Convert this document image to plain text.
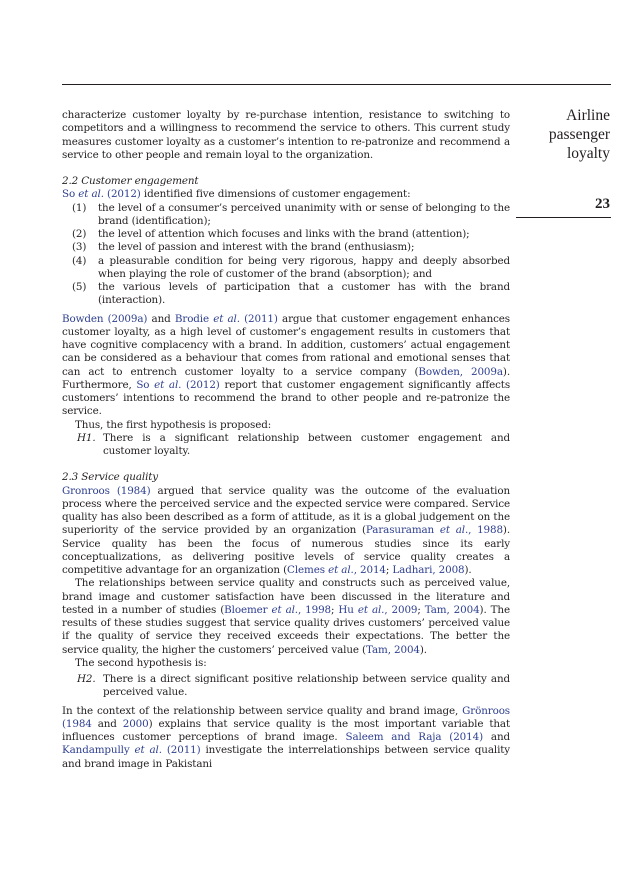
Airline
passenger
loyalty
23

characterize customer loyalty by re-purchase intention, resistance to switching to competitors and a willingness to recommend the service to others. This current study measures customer loyalty as a customer’s intention to re-patronize and recommend a service to other people and remain loyal to the organization.

2.2 Customer engagement

So et al. (2012) identified five dimensions of customer engagement:

(1)	the level of a consumer’s perceived unanimity with or sense of belonging to the brand (identification);
(2)	the level of attention which focuses and links with the brand (attention);
(3)	the level of passion and interest with the brand (enthusiasm);
(4)	a pleasurable condition for being very rigorous, happy and deeply absorbed when playing the role of customer of the brand (absorption); and
(5)	the various levels of participation that a customer has with the brand (interaction).

Bowden (2009a) and Brodie et al. (2011) argue that customer engagement enhances customer loyalty, as a high level of customer’s engagement results in customers that have cognitive complacency with a brand. In addition, customers’ actual engagement can be considered as a behaviour that comes from rational and emotional senses that can act to entrench customer loyalty to a service company (Bowden, 2009a). Furthermore, So et al. (2012) report that customer engagement significantly affects customers’ intentions to recommend the brand to other people and re-patronize the service.

Thus, the first hypothesis is proposed:

H1. There is a significant relationship between customer engagement and customer loyalty.

2.3 Service quality

Gronroos (1984) argued that service quality was the outcome of the evaluation process where the perceived service and the expected service were compared. Service quality has also been described as a form of attitude, as it is a global judgement on the superiority of the service provided by an organization (Parasuraman et al., 1988). Service quality has been the focus of numerous studies since its early conceptualizations, as delivering positive levels of service quality creates a competitive advantage for an organization (Clemes et al., 2014; Ladhari, 2008).

The relationships between service quality and constructs such as perceived value, brand image and customer satisfaction have been discussed in the literature and tested in a number of studies (Bloemer et al., 1998; Hu et al., 2009; Tam, 2004). The results of these studies suggest that service quality drives customers’ perceived value if the quality of service they received exceeds their expectations. The better the service quality, the higher the customers’ perceived value (Tam, 2004).

The second hypothesis is:

H2. There is a direct significant positive relationship between service quality and perceived value.

In the context of the relationship between service quality and brand image, Grönroos (1984 and 2000) explains that service quality is the most important variable that influences customer perceptions of brand image. Saleem and Raja (2014) and Kandampully et al. (2011) investigate the interrelationships between service quality and brand image in Pakistani
